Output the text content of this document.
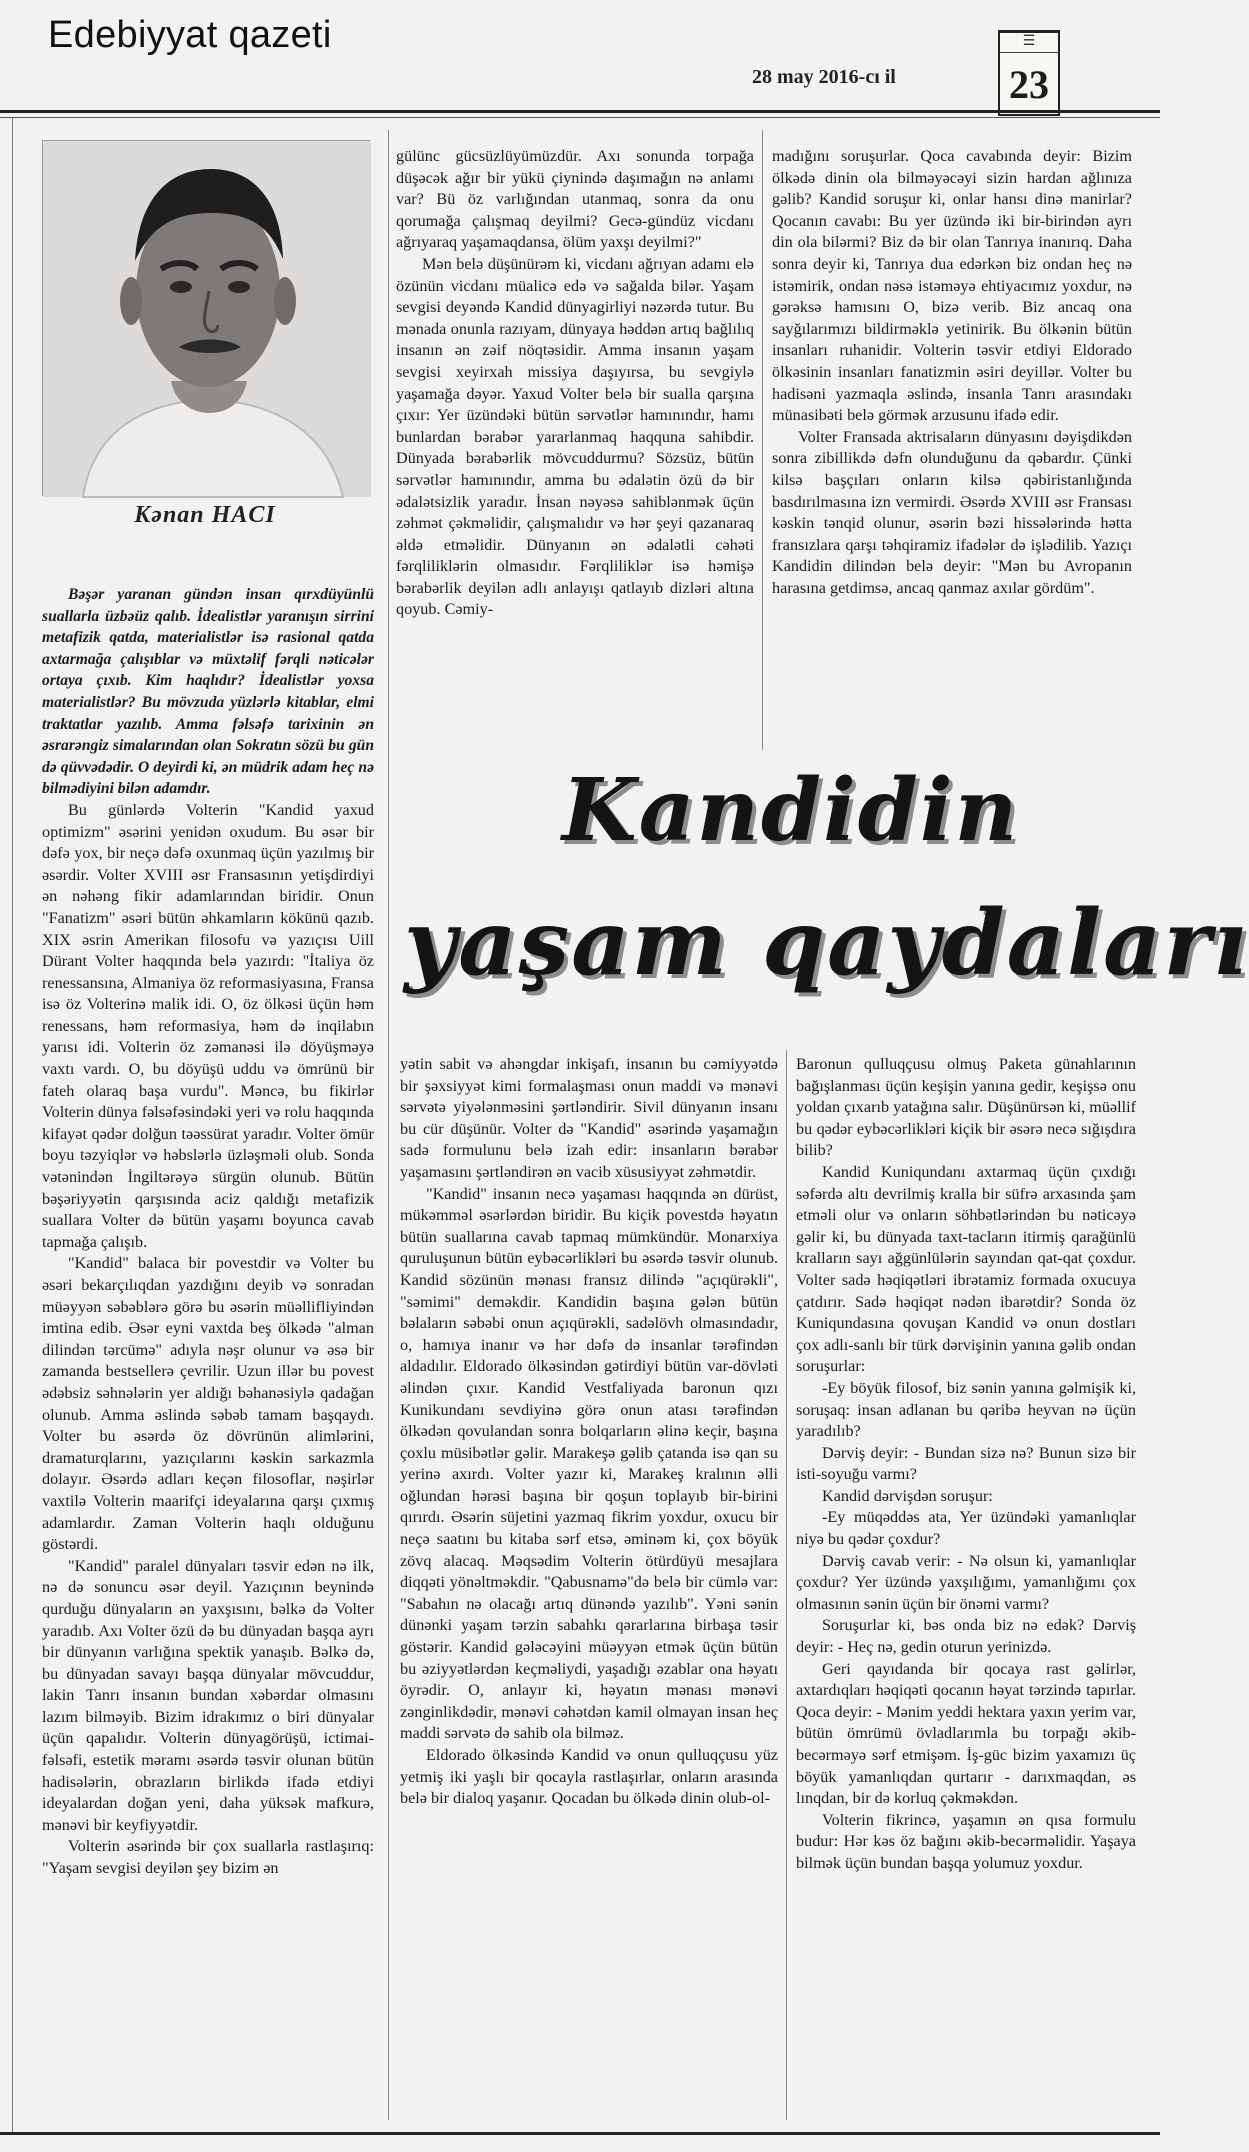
Edebiyyat qazeti
28 may 2016-cı il
☰
23
Kənan HACI

Bəşər yaranan gündən insan qırxdüyünlü suallarla üzbəüz qalıb. İdealistlər yaranışın sirrini metafizik qatda, materialistlər isə rasional qatda axtarmağa çalışıblar və müxtəlif fərqli nəticələr ortaya çıxıb. Kim haqlıdır? İdealistlər yoxsa materialistlər? Bu mövzuda yüzlərlə kitablar, elmi traktatlar yazılıb. Amma fəlsəfə tarixinin ən əsrarəngiz simalarından olan Sokratın sözü bu gün də qüvvədədir. O deyirdi ki, ən müdrik adam heç nə bilmədiyini bilən adamdır.

Bu günlərdə Volterin "Kandid yaxud optimizm" əsərini yenidən oxudum. Bu əsər bir dəfə yox, bir neçə dəfə oxunmaq üçün yazılmış bir əsərdir. Volter XVIII əsr Fransasının yetişdirdiyi ən nəhəng fikir adamlarından biridir. Onun "Fanatizm" əsəri bütün əhkamların kökünü qazıb. XIX əsrin Amerikan filosofu və yazıçısı Uill Dürant Volter haqqında belə yazırdı: "İtaliya öz renessansına, Almaniya öz reformasiyasına, Fransa isə öz Volterinə malik idi. O, öz ölkəsi üçün həm renessans, həm reformasiya, həm də inqilabın yarısı idi. Volterin öz zəmanəsi ilə döyüşməyə vaxtı vardı. O, bu döyüşü uddu və ömrünü bir fateh olaraq başa vurdu". Məncə, bu fikirlər Volterin dünya fəlsəfəsindəki yeri və rolu haqqında kifayət qədər dolğun təəssürat yaradır. Volter ömür boyu təzyiqlər və həbslərlə üzləşməli olub. Sonda vətənindən İngiltərəyə sürgün olunub. Bütün bəşəriyyətin qarşısında aciz qaldığı metafizik suallara Volter də bütün yaşamı boyunca cavab tapmağa çalışıb.

"Kandid" balaca bir povestdir və Volter bu əsəri bekarçılıqdan yazdığını deyib və sonradan müəyyən səbəblərə görə bu əsərin müəllifliyindən imtina edib. Əsər eyni vaxtda beş ölkədə "alman dilindən tərcümə" adıyla nəşr olunur və əsə bir zamanda bestsellerə çevrilir. Uzun illər bu povest ədəbsiz səhnələrin yer aldığı bəhanəsiylə qadağan olunub. Amma əslində səbəb tamam başqaydı. Volter bu əsərdə öz dövrünün alimlərini, dramaturqlarını, yazıçılarını kəskin sarkazmla dolayır. Əsərdə adları keçən filosoflar, nəşirlər vaxtilə Volterin maarifçi ideyalarına qarşı çıxmış adamlardır. Zaman Volterin haqlı olduğunu göstərdi.

"Kandid" paralel dünyaları təsvir edən nə ilk, nə də sonuncu əsər deyil. Yazıçının beynində qurduğu dünyaların ən yaxşısını, bəlkə də Volter yaradıb. Axı Volter özü də bu dünyadan başqa ayrı bir dünyanın varlığına spektik yanaşıb. Bəlkə də, bu dünyadan savayı başqa dünyalar mövcuddur, lakin Tanrı insanın bundan xəbərdar olmasını lazım bilməyib. Bizim idrakımız o biri dünyalar üçün qapalıdır. Volterin dünyagörüşü, ictimai-fəlsəfi, estetik məramı əsərdə təsvir olunan bütün hadisələrin, obrazların birlikdə ifadə etdiyi ideyalardan doğan yeni, daha yüksək mafkurə, mənəvi bir keyfiyyətdir.

Volterin əsərində bir çox suallarla rastlaşırıq: "Yaşam sevgisi deyilən şey bizim ən

gülünc gücsüzlüyümüzdür. Axı sonunda torpağa düşəcək ağır bir yükü çiynində daşımağın nə anlamı var? Bü öz varlığından utanmaq, sonra da onu qorumağa çalışmaq deyilmi? Gecə-gündüz vicdanı ağrıyaraq yaşamaqdansa, ölüm yaxşı deyilmi?"

Mən belə düşünürəm ki, vicdanı ağrıyan adamı elə özünün vicdanı müalicə edə və sağalda bilər. Yaşam sevgisi deyəndə Kandid dünyagirliyi nəzərdə tutur. Bu mənada onunla razıyam, dünyaya həddən artıq bağlılıq insanın ən zəif nöqtəsidir. Amma insanın yaşam sevgisi xeyirxah missiya daşıyırsa, bu sevgiylə yaşamağa dəyər. Yaxud Volter belə bir sualla qarşına çıxır: Yer üzündəki bütün sərvətlər hamınındır, hamı bunlardan bərabər yararlanmaq haqquna sahibdir. Dünyada bərabərlik mövcuddurmu? Sözsüz, bütün sərvətlər hamınındır, amma bu ədalətin özü də bir ədalətsizlik yaradır. İnsan nəyəsə sahiblənmək üçün zəhmət çəkməlidir, çalışmalıdır və hər şeyi qazanaraq əldə etməlidir. Dünyanın ən ədalətli cəhəti fərqliliklərin olmasıdır. Fərqliliklər isə həmişə bərabərlik deyilən adlı anlayışı qatlayıb dizləri altına qoyub. Cəmiy-

madığını soruşurlar. Qoca cavabında deyir: Bizim ölkədə dinin ola bilməyəcəyi sizin hardan ağlınıza gəlib? Kandid soruşur ki, onlar hansı dinə manirlar? Qocanın cavabı: Bu yer üzündə iki bir-birindən ayrı din ola bilərmi? Biz də bir olan Tanrıya inanırıq. Daha sonra deyir ki, Tanrıya dua edərkən biz ondan heç nə istəmirik, ondan nəsə istəməyə ehtiyacımız yoxdur, nə gərəksə hamısını O, bizə verib. Biz ancaq ona sayğılarımızı bildirməklə yetinirik. Bu ölkənin bütün insanları ruhanidir. Volterin təsvir etdiyi Eldorado ölkəsinin insanları fanatizmin əsiri deyillər. Volter bu hadisəni yazmaqla əslində, insanla Tanrı arasındakı münasibəti belə görmək arzusunu ifadə edir.

Volter Fransada aktrisaların dünyasını dəyişdikdən sonra zibillikdə dəfn olunduğunu da qəbardır. Çünki kilsə başçıları onların kilsə qəbiristanlığında basdırılmasına izn vermirdi. Əsərdə XVIII əsr Fransası kəskin tənqid olunur, əsərin bəzi hissələrində hətta fransızlara qarşı təhqiramiz ifadələr də işlədilib. Yazıçı Kandidin dilindən belə deyir: "Mən bu Avropanın harasına getdimsə, ancaq qanmaz axılar gördüm".

Kandidin
yaşam qaydaları

yətin sabit və ahəngdar inkişafı, insanın bu cəmiyyətdə bir şəxsiyyət kimi formalaşması onun maddi və mənəvi sərvətə yiyələnməsini şərtləndirir. Sivil dünyanın insanı bu cür düşünür. Volter də "Kandid" əsərində yaşamağın sadə formulunu belə izah edir: insanların bərabər yaşamasını şərtləndirən ən vacib xüsusiyyət zəhmətdir.

"Kandid" insanın necə yaşaması haqqında ən dürüst, mükəmməl əsərlərdən biridir. Bu kiçik povestdə həyatın bütün suallarına cavab tapmaq mümkündür. Monarxiya quruluşunun bütün eybəcərlikləri bu əsərdə təsvir olunub. Kandid sözünün mənası fransız dilində "açıqürəkli", "səmimi" deməkdir. Kandidin başına gələn bütün bəlaların səbəbi onun açıqürəkli, sadəlövh olmasındadır, o, hamıya inanır və hər dəfə də insanlar tərəfindən aldadılır. Eldorado ölkəsindən gətirdiyi bütün var-dövləti əlindən çıxır. Kandid Vestfaliyada baronun qızı Kunikundanı sevdiyinə görə onun atası tərəfindən ölkədən qovulandan sonra bolqarların əlinə keçir, başına çoxlu müsibətlər gəlir. Marakeşə gəlib çatanda isə qan su yerinə axırdı. Volter yazır ki, Marakeş kralının əlli oğlundan hərəsi başına bir qoşun toplayıb bir-birini qırırdı. Əsərin süjetini yazmaq fikrim yoxdur, oxucu bir neçə saatını bu kitaba sərf etsə, əminəm ki, çox böyük zövq alacaq. Məqsədim Volterin ötürdüyü mesajlara diqqəti yönəltməkdir. "Qabusnamə"də belə bir cümlə var: "Sabahın nə olacağı artıq dünəndə yazılıb". Yəni sənin dünənki yaşam tərzin sabahkı qərarlarına birbaşa təsir göstərir. Kandid gələcəyini müəyyən etmək üçün bütün bu əziyyətlərdən keçməliydi, yaşadığı əzablar ona həyatı öyrədir. O, anlayır ki, həyatın mənası mənəvi zənginlikdədir, mənəvi cəhətdən kamil olmayan insan heç maddi sərvətə də sahib ola bilməz.

Eldorado ölkəsində Kandid və onun qulluqçusu yüz yetmiş iki yaşlı bir qocayla rastlaşırlar, onların arasında belə bir dialoq yaşanır. Qocadan bu ölkədə dinin olub-ol-

Baronun qulluqçusu olmuş Paketa günahlarının bağışlanması üçün keşişin yanına gedir, keşişsə onu yoldan çıxarıb yatağına salır. Düşünürsən ki, müəllif bu qədər eybəcərlikləri kiçik bir əsərə necə sığışdıra bilib?

Kandid Kuniqundanı axtarmaq üçün çıxdığı səfərdə altı devrilmiş kralla bir süfrə arxasında şam etməli olur və onların söhbətlərindən bu nəticəyə gəlir ki, bu dünyada taxt-tacların itirmiş qarağünlü kralların sayı ağgünlülərin sayından qat-qat çoxdur. Volter sadə həqiqətləri ibrətamiz formada oxucuya çatdırır. Sadə həqiqət nədən ibarətdir? Sonda öz Kuniqundasına qovuşan Kandid və onun dostları çox adlı-sanlı bir türk dərvişinin yanına gəlib ondan soruşurlar:

-Ey böyük filosof, biz sənin yanına gəlmişik ki, soruşaq: insan adlanan bu qəribə heyvan nə üçün yaradılıb?

Dərviş deyir: - Bundan sizə nə? Bunun sizə bir isti-soyuğu varmı?

Kandid dərvişdən soruşur:

-Ey müqəddəs ata, Yer üzündəki yamanlıqlar niyə bu qədər çoxdur?

Dərviş cavab verir: - Nə olsun ki, yamanlıqlar çoxdur? Yer üzündə yaxşılığımı, yamanlığımı çox olmasının sənin üçün bir önəmi varmı?

Soruşurlar ki, bəs onda biz nə edək? Dərviş deyir: - Heç nə, gedin oturun yerinizdə.

Geri qayıdanda bir qocaya rast gəlirlər, axtardıqları həqiqəti qocanın həyat tərzində tapırlar. Qoca deyir: - Mənim yeddi hektara yaxın yerim var, bütün ömrümü övladlarımla bu torpağı əkib-becərməyə sərf etmişəm. İş-güc bizim yaxamızı üç böyük yamanlıqdan qurtarır - darıxmaqdan, əs lınqdan, bir də korluq çəkməkdən.

Volterin fikrincə, yaşamın ən qısa formulu budur: Hər kəs öz bağını əkib-becərməlidir. Yaşaya bilmək üçün bundan başqa yolumuz yoxdur.
